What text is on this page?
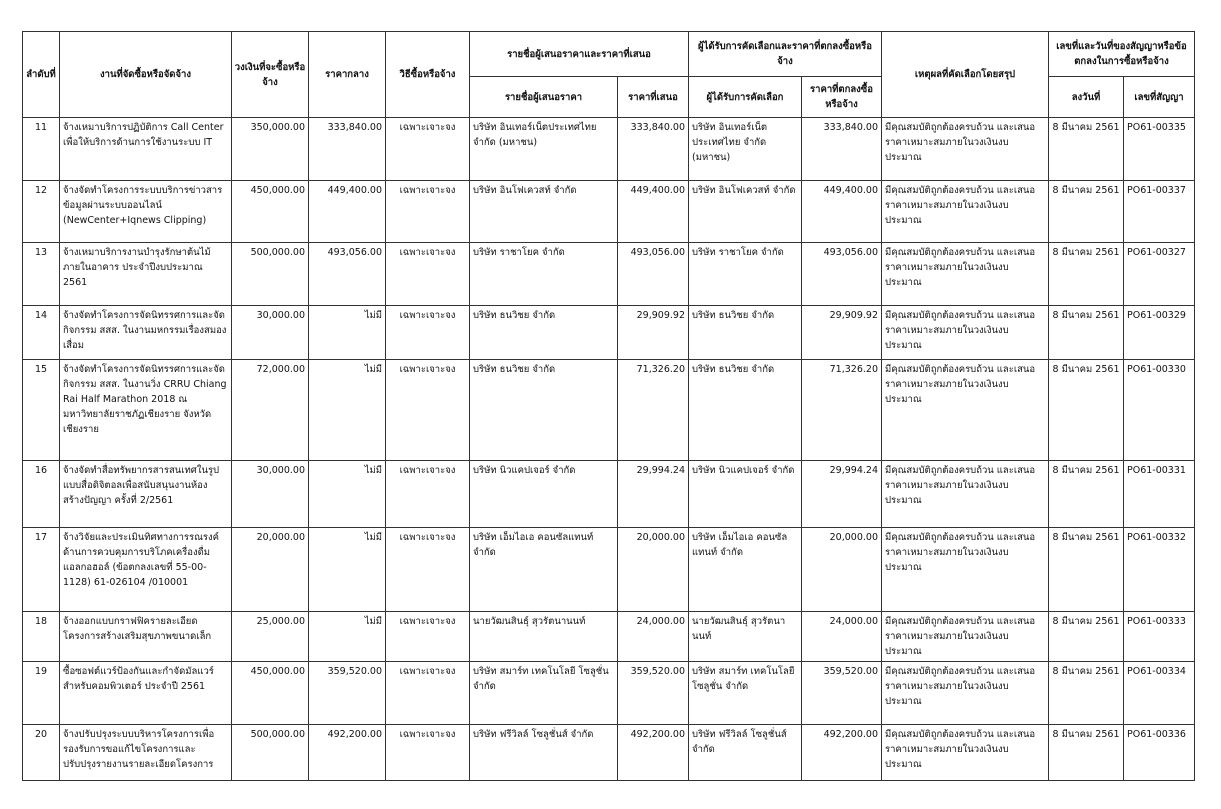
ลำดับที่	งานที่จัดซื้อหรือจัดจ้าง	วงเงินที่จะซื้อหรือจ้าง	ราคากลาง	วิธีซื้อหรือจ้าง	รายชื่อผู้เสนอราคาและราคาที่เสนอ		ผู้ได้รับการคัดเลือกและราคาที่ตกลงซื้อหรือจ้าง		เหตุผลที่คัดเลือกโดยสรุป	เลขที่และวันที่ของสัญญาหรือข้อตกลงในการซื้อหรือจ้าง	
					รายชื่อผู้เสนอราคา	ราคาที่เสนอ	ผู้ได้รับการคัดเลือก	ราคาที่ตกลงซื้อหรือจ้าง		ลงวันที่	เลขที่สัญญา
11	จ้างเหมาบริการปฏิบัติการ Call Center เพื่อให้บริการด้านการใช้งานระบบ IT	350,000.00	333,840.00	เฉพาะเจาะจง	บริษัท อินเทอร์เน็ตประเทศไทย จำกัด (มหาชน)	333,840.00	บริษัท อินเทอร์เน็ต ประเทศไทย จำกัด (มหาชน)	333,840.00	มีคุณสมบัติถูกต้องครบถ้วน และเสนอราคาเหมาะสมภายในวงเงินงบประมาณ	8 มีนาคม 2561	PO61-00335
12	จ้างจัดทำโครงการระบบบริการข่าวสารข้อมูลผ่านระบบออนไลน์ (NewCenter+Iqnews Clipping)	450,000.00	449,400.00	เฉพาะเจาะจง	บริษัท อินโฟเควสท์ จำกัด	449,400.00	บริษัท อินโฟเควสท์ จำกัด	449,400.00	มีคุณสมบัติถูกต้องครบถ้วน และเสนอราคาเหมาะสมภายในวงเงินงบประมาณ	8 มีนาคม 2561	PO61-00337
13	จ้างเหมาบริการงานบำรุงรักษาต้นไม้ภายในอาคาร ประจำปีงบประมาณ 2561	500,000.00	493,056.00	เฉพาะเจาะจง	บริษัท ราชาโยค จำกัด	493,056.00	บริษัท ราชาโยค จำกัด	493,056.00	มีคุณสมบัติถูกต้องครบถ้วน และเสนอราคาเหมาะสมภายในวงเงินงบประมาณ	8 มีนาคม 2561	PO61-00327
14	จ้างจัดทำโครงการจัดนิทรรศการและจัดกิจกรรม สสส. ในงานมหกรรมเรื่องสมองเสื่อม	30,000.00	ไม่มี	เฉพาะเจาะจง	บริษัท ธนวิชย จำกัด	29,909.92	บริษัท ธนวิชย จำกัด	29,909.92	มีคุณสมบัติถูกต้องครบถ้วน และเสนอราคาเหมาะสมภายในวงเงินงบประมาณ	8 มีนาคม 2561	PO61-00329
15	จ้างจัดทำโครงการจัดนิทรรศการและจัดกิจกรรม สสส. ในงานวิ่ง CRRU Chiang Rai Half Marathon 2018 ณ มหาวิทยาลัยราชภัฏเชียงราย จังหวัดเชียงราย	72,000.00	ไม่มี	เฉพาะเจาะจง	บริษัท ธนวิชย จำกัด	71,326.20	บริษัท ธนวิชย จำกัด	71,326.20	มีคุณสมบัติถูกต้องครบถ้วน และเสนอราคาเหมาะสมภายในวงเงินงบประมาณ	8 มีนาคม 2561	PO61-00330
16	จ้างจัดทำสื่อทรัพยากรสารสนเทศในรูปแบบสื่อดิจิตอลเพื่อสนับสนุนงานห้องสร้างปัญญา ครั้งที่ 2/2561	30,000.00	ไม่มี	เฉพาะเจาะจง	บริษัท นิวแคปเจอร์ จำกัด	29,994.24	บริษัท นิวแคปเจอร์ จำกัด	29,994.24	มีคุณสมบัติถูกต้องครบถ้วน และเสนอราคาเหมาะสมภายในวงเงินงบประมาณ	8 มีนาคม 2561	PO61-00331
17	จ้างวิจัยและประเมินทิศทางการรณรงค์ด้านการควบคุมการบริโภคเครื่องดื่มแอลกอฮอล์ (ข้อตกลงเลขที่ 55-00-1128) 61-026104 /010001	20,000.00	ไม่มี	เฉพาะเจาะจง	บริษัท เอ็มไอเอ คอนซัลแทนท์ จำกัด	20,000.00	บริษัท เอ็มไอเอ คอนซัลแทนท์ จำกัด	20,000.00	มีคุณสมบัติถูกต้องครบถ้วน และเสนอราคาเหมาะสมภายในวงเงินงบประมาณ	8 มีนาคม 2561	PO61-00332
18	จ้างออกแบบกราฟฟิครายละเอียดโครงการสร้างเสริมสุขภาพขนาดเล็ก	25,000.00	ไม่มี	เฉพาะเจาะจง	นายวัฒนสินธุ์ สุวรัตนานนท์	24,000.00	นายวัฒนสินธุ์ สุวรัตนานนท์	24,000.00	มีคุณสมบัติถูกต้องครบถ้วน และเสนอราคาเหมาะสมภายในวงเงินงบประมาณ	8 มีนาคม 2561	PO61-00333
19	ซื้อซอฟต์แวร์ป้องกันและกำจัดมัลแวร์สำหรับคอมพิวเตอร์ ประจำปี 2561	450,000.00	359,520.00	เฉพาะเจาะจง	บริษัท สมาร์ท เทคโนโลยี โซลูชั่น จำกัด	359,520.00	บริษัท สมาร์ท เทคโนโลยี โซลูชั่น จำกัด	359,520.00	มีคุณสมบัติถูกต้องครบถ้วน และเสนอราคาเหมาะสมภายในวงเงินงบประมาณ	8 มีนาคม 2561	PO61-00334
20	จ้างปรับปรุงระบบบริหารโครงการเพื่อรองรับการขอแก้ไขโครงการและปรับปรุงรายงานรายละเอียดโครงการ	500,000.00	492,200.00	เฉพาะเจาะจง	บริษัท ฟรีวิลล์ โซลูชั่นส์ จำกัด	492,200.00	บริษัท ฟรีวิลล์ โซลูชั่นส์ จำกัด	492,200.00	มีคุณสมบัติถูกต้องครบถ้วน และเสนอราคาเหมาะสมภายในวงเงินงบประมาณ	8 มีนาคม 2561	PO61-00336
